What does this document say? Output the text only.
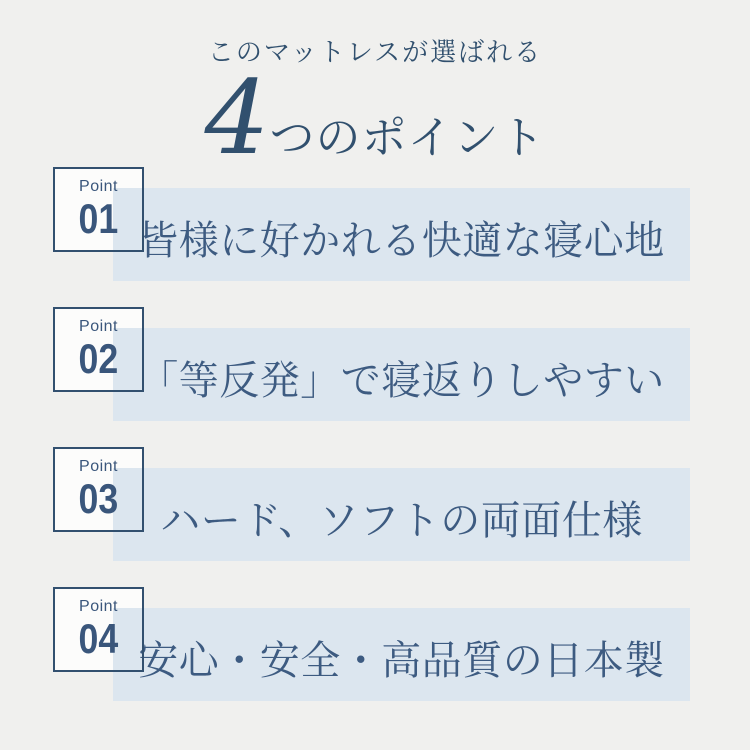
このマットレスが選ばれる
4つのポイント
皆様に好かれる快適な寝心地
Point
01
「等反発」で寝返りしやすい
Point
02
ハード、ソフトの両面仕様
Point
03
安心・安全・高品質の日本製
Point
04
